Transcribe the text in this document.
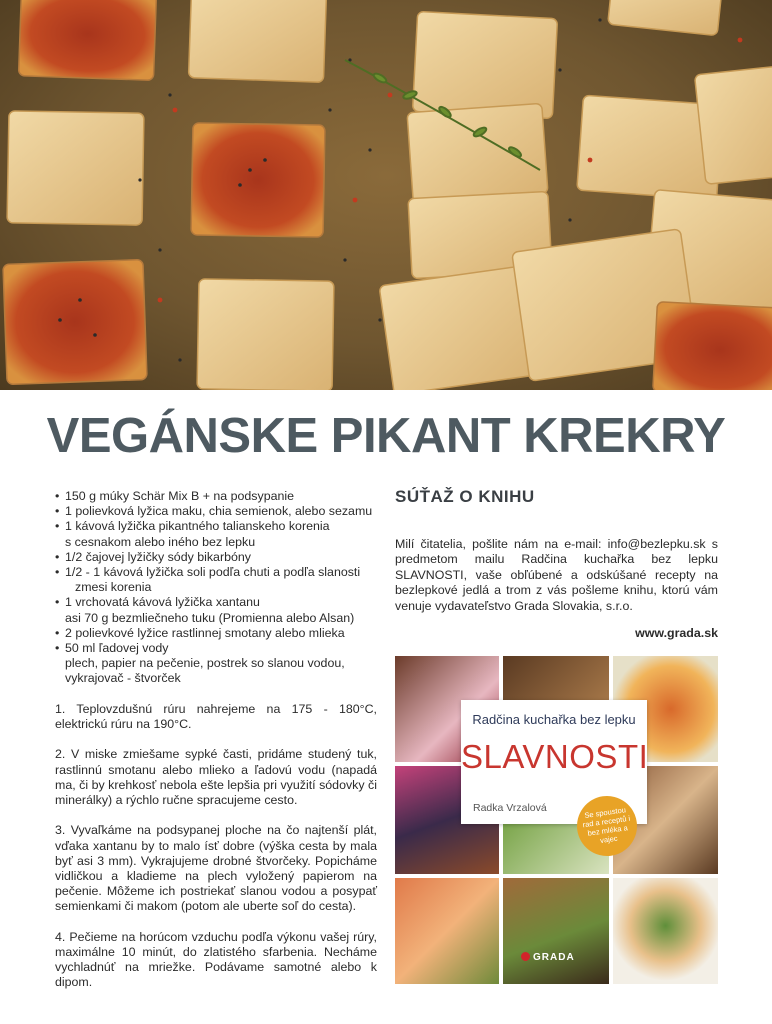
VEGÁNSKE PIKANT KREKRY
• 150 g múky Schär Mix B + na podsypanie
• 1 polievková lyžica maku, chia semienok, alebo sezamu
• 1 kávová lyžička pikantného talianskeho korenia
s cesnakom alebo iného bez lepku
• 1/2 čajovej lyžičky sódy bikarbóny
• 1/2 - 1 kávová lyžička soli podľa chuti a podľa slanosti
zmesi korenia
• 1 vrchovatá kávová lyžička xantanu
asi 70 g bezmliečneho tuku (Promienna alebo Alsan)
• 2 polievkové lyžice rastlinnej smotany alebo mlieka
• 50 ml ľadovej vody
plech, papier na pečenie, postrek so slanou vodou, vykrajovač - štvorček

1. Teplovzdušnú rúru nahrejeme na 175 - 180°C, elektrickú rúru na 190°C.

2. V miske zmiešame sypké časti, pridáme studený tuk, rastlinnú smotanu alebo mlieko a ľadovú vodu (napadá ma, či by krehkosť nebola ešte lepšia pri využití sódovky či minerálky) a rýchlo ručne spracujeme cesto.

3. Vyvaľkáme na podsypanej ploche na čo najtenší plát, vďaka xantanu by to malo ísť dobre (výška cesta by mala byť asi 3 mm). Vykrajujeme drobné štvorčeky. Popicháme vidličkou a kladieme na plech vyložený papierom na pečenie. Môžeme ich postriekať slanou vodou a posypať semienkami či makom (potom ale uberte soľ do cesta).

4. Pečieme na horúcom vzduchu podľa výkonu vašej rúry, maximálne 10 minút, do zlatistého sfarbenia. Necháme vychladnúť na mriežke. Podávame samotné alebo k dipom.

SÚŤAŽ O KNIHU

Milí čitatelia, pošlite nám na e-mail: info@bezlepku.sk s predmetom mailu Radčina kuchařka bez lepku SLAVNOSTI, vaše obľúbené a odskúšané recepty na bezlepkové jedlá a trom z vás pošleme knihu, ktorú vám venuje vydavateľstvo Grada Slovakia, s.r.o.

www.grada.sk

Radčina kuchařka bez lepku
SLAVNOSTI
Radka Vrzalová	Se spoustou rad a receptů i bez mléka a vajec
GRADA
